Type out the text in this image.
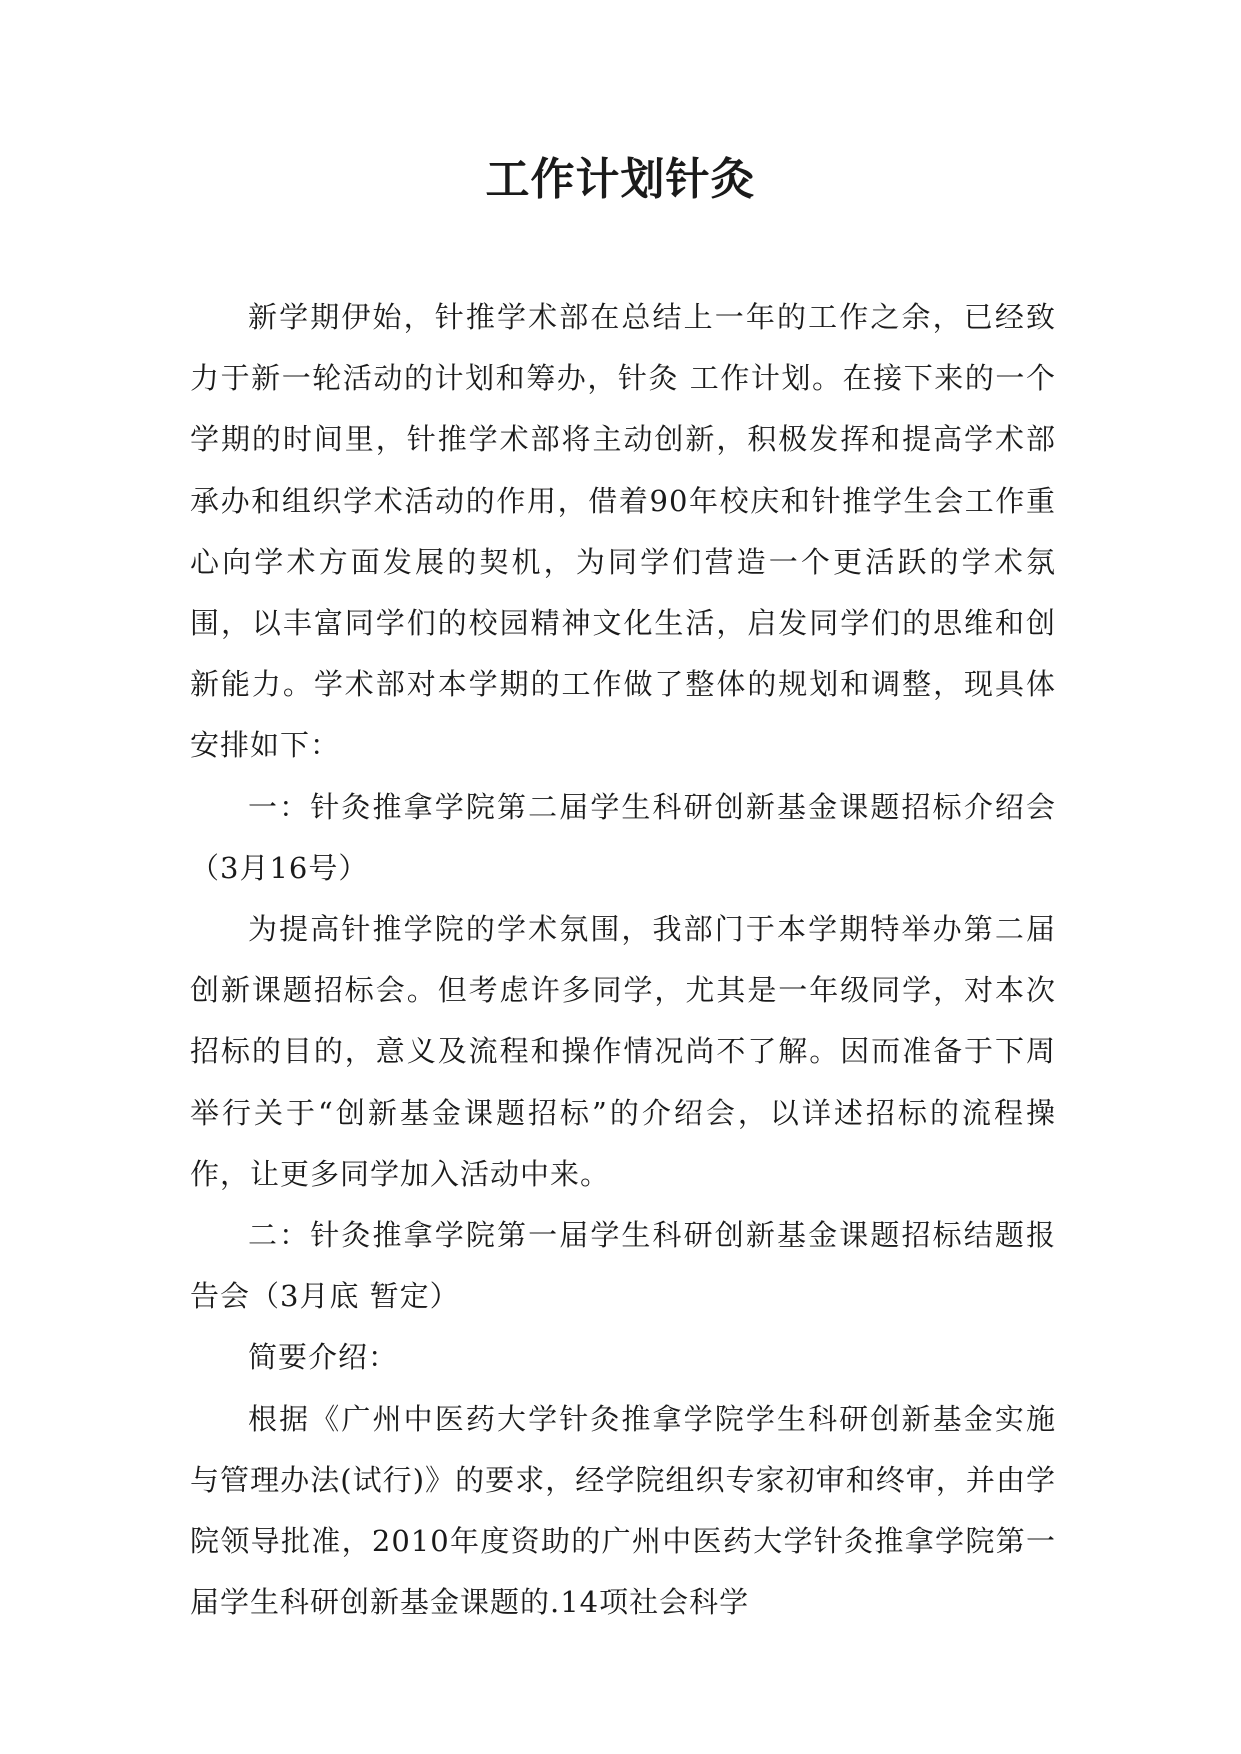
工作计划针灸

新学期伊始，针推学术部在总结上一年的工作之余，已经致力于新一轮活动的计划和筹办，针灸 工作计划。在接下来的一个学期的时间里，针推学术部将主动创新，积极发挥和提高学术部承办和组织学术活动的作用，借着90年校庆和针推学生会工作重心向学术方面发展的契机，为同学们营造一个更活跃的学术氛围，以丰富同学们的校园精神文化生活，启发同学们的思维和创新能力。学术部对本学期的工作做了整体的规划和调整，现具体安排如下：

一：针灸推拿学院第二届学生科研创新基金课题招标介绍会（3月16号）

为提高针推学院的学术氛围，我部门于本学期特举办第二届创新课题招标会。但考虑许多同学，尤其是一年级同学，对本次招标的目的，意义及流程和操作情况尚不了解。因而准备于下周举行关于“创新基金课题招标”的介绍会，以详述招标的流程操作，让更多同学加入活动中来。

二：针灸推拿学院第一届学生科研创新基金课题招标结题报告会（3月底 暂定）

简要介绍：

根据《广州中医药大学针灸推拿学院学生科研创新基金实施与管理办法(试行)》的要求，经学院组织专家初审和终审，并由学院领导批准，2010年度资助的广州中医药大学针灸推拿学院第一届学生科研创新基金课题的.14项社会科学
